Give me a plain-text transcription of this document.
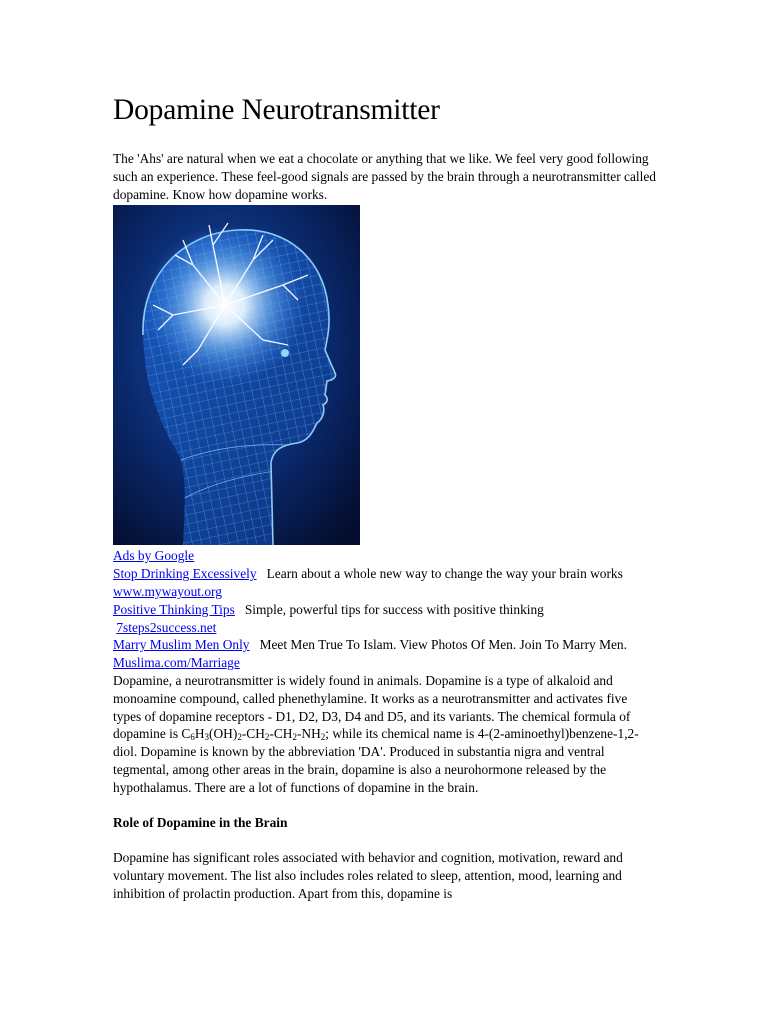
Dopamine Neurotransmitter

The 'Ahs' are natural when we eat a chocolate or anything that we like. We feel very good following such an experience. These feel-good signals are passed by the brain through a neurotransmitter called dopamine. Know how dopamine works.

Ads by Google
Stop Drinking Excessively Learn about a whole new way to change the way your brain works  www.mywayout.org
Positive Thinking Tips Simple, powerful tips for success with positive thinking
7steps2success.net
Marry Muslim Men Only Meet Men True To Islam. View Photos Of Men. Join To Marry Men.   Muslima.com/Marriage

Dopamine, a neurotransmitter is widely found in animals. Dopamine is a type of alkaloid and monoamine compound, called phenethylamine. It works as a neurotransmitter and activates five types of dopamine receptors - D1, D2, D3, D4 and D5, and its variants. The chemical formula of dopamine is $C_6H_3(OH)_2-CH_2-CH_2-NH_2$; while its chemical name is 4-(2-aminoethyl)benzene-1,2-diol. Dopamine is known by the abbreviation 'DA'. Produced in substantia nigra and ventral tegmental, among other areas in the brain, dopamine is also a neurohormone released by the hypothalamus. There are a lot of functions of dopamine in the brain.

Role of Dopamine in the Brain

Dopamine has significant roles associated with behavior and cognition, motivation, reward and voluntary movement. The list also includes roles related to sleep, attention, mood, learning and inhibition of prolactin production. Apart from this, dopamine is
